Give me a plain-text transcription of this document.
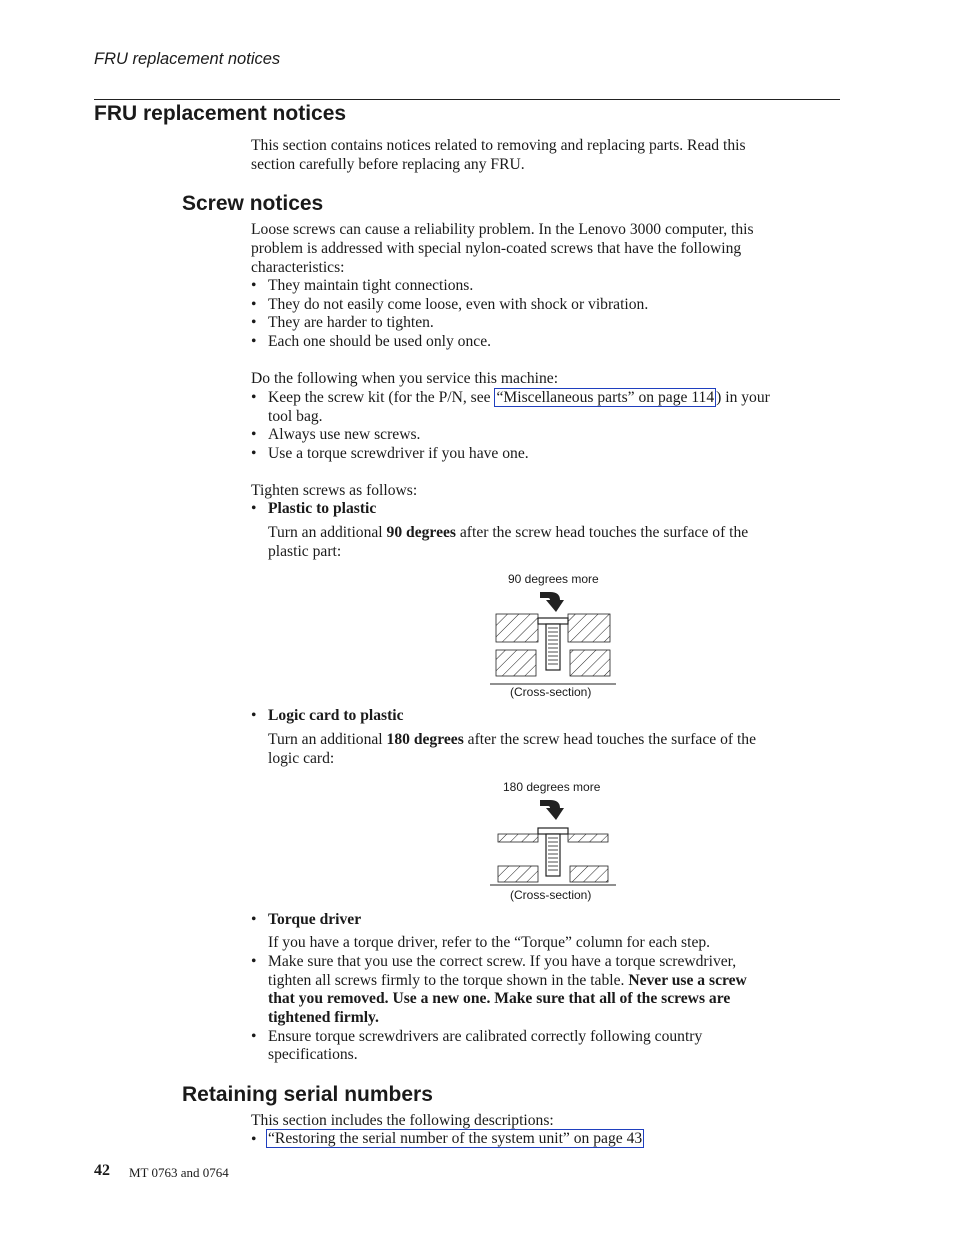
FRU replacement notices
FRU replacement notices
This section contains notices related to removing and replacing parts. Read this
section carefully before replacing any FRU.
Screw notices
Loose screws can cause a reliability problem. In the Lenovo 3000 computer, this
problem is addressed with special nylon-coated screws that have the following
characteristics:
• They maintain tight connections.
• They do not easily come loose, even with shock or vibration.
• They are harder to tighten.
• Each one should be used only once.
Do the following when you service this machine:
• Keep the screw kit (for the P/N, see “Miscellaneous parts” on page 114 ) in your
tool bag.
• Always use new screws.
• Use a torque screwdriver if you have one.
Tighten screws as follows:
• Plastic to plastic
Turn an additional 90 degrees after the screw head touches the surface of the
plastic part:
90 degrees more
(Cross-section)
• Logic card to plastic
Turn an additional 180 degrees after the screw head touches the surface of the
logic card:
180 degrees more
(Cross-section)
• Torque driver
If you have a torque driver, refer to the “Torque” column for each step.
• Make sure that you use the correct screw. If you have a torque screwdriver,
tighten all screws firmly to the torque shown in the table. Never use a screw
that you removed. Use a new one. Make sure that all of the screws are
tightened firmly.
• Ensure torque screwdrivers are calibrated correctly following country
specifications.
Retaining serial numbers
This section includes the following descriptions:
• “Restoring the serial number of the system unit” on page 43
42 MT 0763 and 0764
